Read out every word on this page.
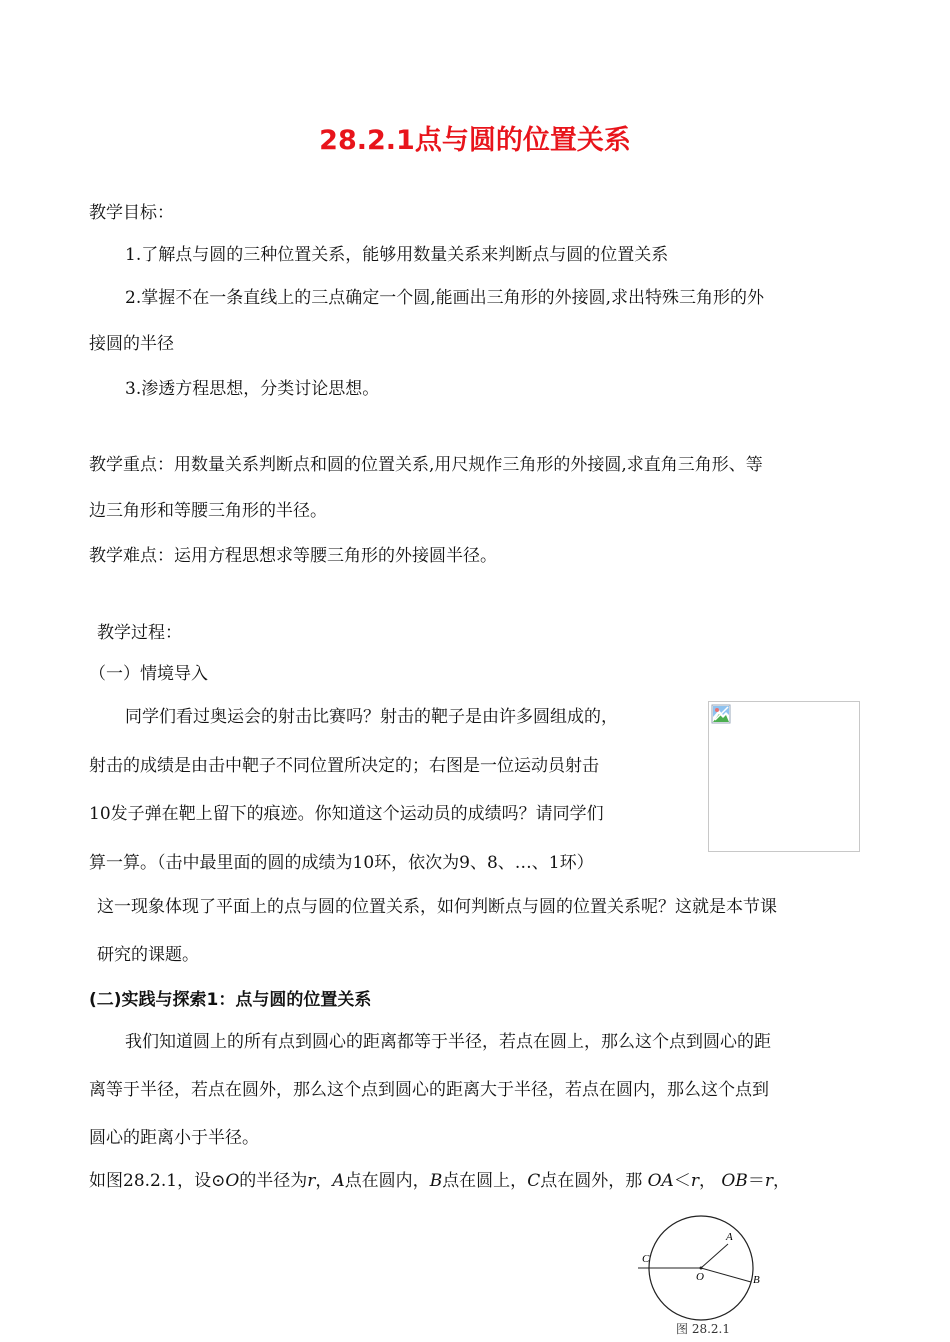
28.2.1点与圆的位置关系
教学目标：
1.了解点与圆的三种位置关系，能够用数量关系来判断点与圆的位置关系
2.掌握不在一条直线上的三点确定一个圆,能画出三角形的外接圆,求出特殊三角形的外
接圆的半径
3.渗透方程思想，分类讨论思想。
教学重点：用数量关系判断点和圆的位置关系,用尺规作三角形的外接圆,求直角三角形、等
边三角形和等腰三角形的半径。
教学难点：运用方程思想求等腰三角形的外接圆半径。
教学过程：
（一）情境导入
同学们看过奥运会的射击比赛吗？射击的靶子是由许多圆组成的，
射击的成绩是由击中靶子不同位置所决定的；右图是一位运动员射击
10发子弹在靶上留下的痕迹。你知道这个运动员的成绩吗？请同学们
算一算。（击中最里面的圆的成绩为10环，依次为9、8、…、1环）
这一现象体现了平面上的点与圆的位置关系，如何判断点与圆的位置关系呢？这就是本节课
研究的课题。
(二)实践与探索1：点与圆的位置关系
我们知道圆上的所有点到圆心的距离都等于半径，若点在圆上，那么这个点到圆心的距
离等于半径，若点在圆外，那么这个点到圆心的距离大于半径，若点在圆内，那么这个点到
圆心的距离小于半径。
如图28.2.1，设⊙O的半径为r，A点在圆内，B点在圆上，C点在圆外，那 OA＜r， OB＝r，
A
B
C
O
图 28.2.1
